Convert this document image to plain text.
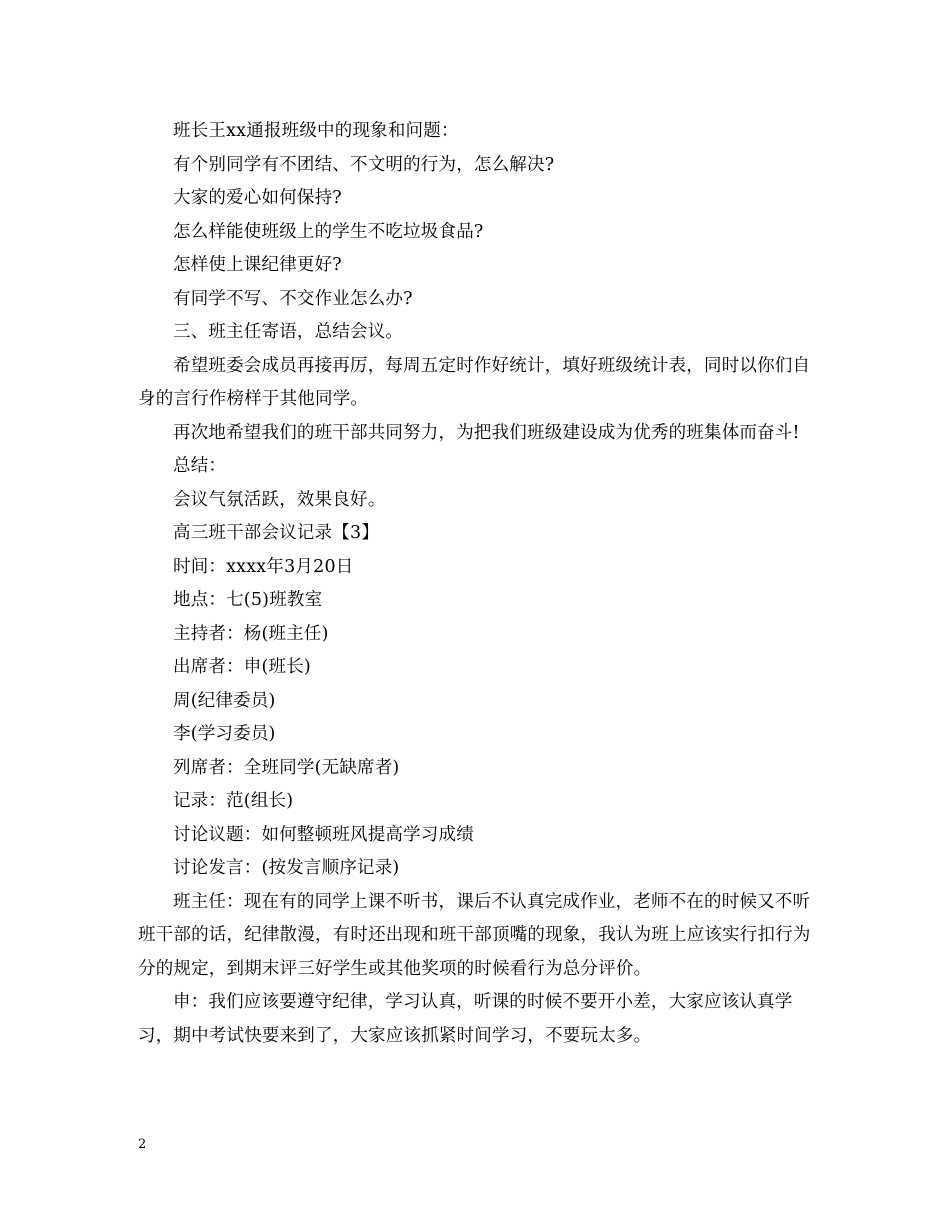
班长王xx通报班级中的现象和问题：

有个别同学有不团结、不文明的行为，怎么解决?

大家的爱心如何保持?

怎么样能使班级上的学生不吃垃圾食品?

怎样使上课纪律更好?

有同学不写、不交作业怎么办?

三、班主任寄语，总结会议。

希望班委会成员再接再厉，每周五定时作好统计，填好班级统计表，同时以你们自身的言行作榜样于其他同学。

再次地希望我们的班干部共同努力，为把我们班级建设成为优秀的班集体而奋斗!

总结：

会议气氛活跃，效果良好。

高三班干部会议记录【3】

时间：xxxx年3月20日

地点：七(5)班教室

主持者：杨(班主任)

出席者：申(班长)

周(纪律委员)

李(学习委员)

列席者：全班同学(无缺席者)

记录：范(组长)

讨论议题：如何整顿班风提高学习成绩

讨论发言：(按发言顺序记录)

班主任：现在有的同学上课不听书，课后不认真完成作业，老师不在的时候又不听班干部的话，纪律散漫，有时还出现和班干部顶嘴的现象，我认为班上应该实行扣行为分的规定，到期末评三好学生或其他奖项的时候看行为总分评价。

申：我们应该要遵守纪律，学习认真，听课的时候不要开小差，大家应该认真学习，期中考试快要来到了，大家应该抓紧时间学习，不要玩太多。

2
